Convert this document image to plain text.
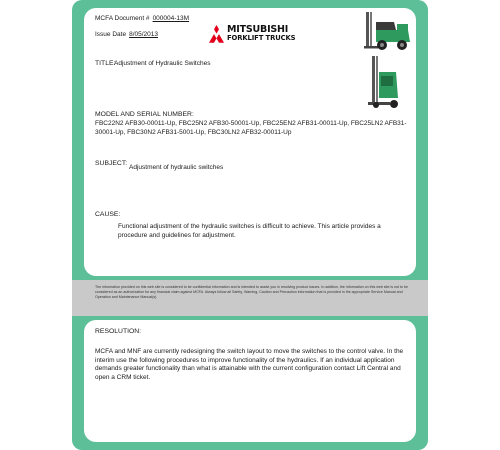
MCFA Document # 000004-13M
Issue Date 8/05/2013	MITSUBISHI
FORKLIFT TRUCKS
TITLE:
Adjustment of Hydraulic Switches
MODEL AND SERIAL NUMBER:
FBC22N2 AFB30-00011-Up, FBC25N2 AFB30-50001-Up, FBC25EN2 AFB31-00011-Up, FBC25LN2 AFB31-30001-Up, FBC30N2 AFB31-5001-Up, FBC30LN2 AFB32-00011-Up
SUBJECT:
Adjustment of hydraulic switches
CAUSE:
Functional adjustment of the hydraulic switches is difficult to achieve. This article provides a procedure and guidelines for adjustment.
The information provided on this web site is considered to be confidential information and is intended to assist you in resolving product issues. In addition, the information on this web site is not to be considered as an authorization for any financial claim against MCFA. Always follow all Safety, Warning, Caution and Precaution information that is provided in the appropriate Service Manual and Operation and Maintenance Manual(s).
RESOLUTION:
MCFA and MNF are currently redesigning the switch layout to move the switches to the control valve. In the interim use the following procedures to improve functionality of the hydraulics. If an individual application demands greater functionality than what is attainable with the current configuration contact Lift Central and open a CRM ticket.
